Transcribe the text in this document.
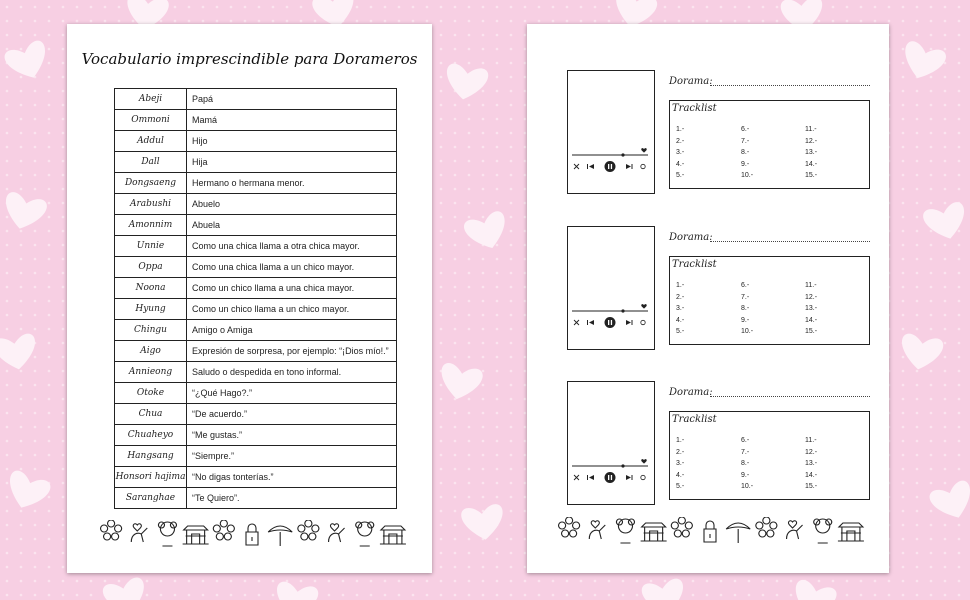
Vocabulario imprescindible para Dorameros
Abeji	Papá
Ommoni	Mamá
Addul	Hijo
Dall	Hija
Dongsaeng	Hermano o hermana menor.
Arabushi	Abuelo
Amonnim	Abuela
Unnie	Como una chica llama a otra chica mayor.
Oppa	Como una chica llama a un chico mayor.
Noona	Como un chico llama a una chica mayor.
Hyung	Como un chico llama a un chico mayor.
Chingu	Amigo o Amiga
Aigo	Expresión de sorpresa, por ejemplo: “¡Dios mío!.”
Annieong	Saludo o despedida en tono informal.
Otoke	“¿Qué Hago?.”
Chua	“De acuerdo.”
Chuaheyo	“Me gustas.”
Hangsang	“Siempre.”
Honsori hajima	“No digas tonterías.”
Saranghae	“Te Quiero”.
Dorama:
Tracklist
1.-
2.-
3.-
4.-
5.-
6.-
7.-
8.-
9.-
10.-
11.-
12.-
13.-
14.-
15.-
Dorama:
Tracklist
1.-
2.-
3.-
4.-
5.-
6.-
7.-
8.-
9.-
10.-
11.-
12.-
13.-
14.-
15.-
Dorama:
Tracklist
1.-
2.-
3.-
4.-
5.-
6.-
7.-
8.-
9.-
10.-
11.-
12.-
13.-
14.-
15.-
